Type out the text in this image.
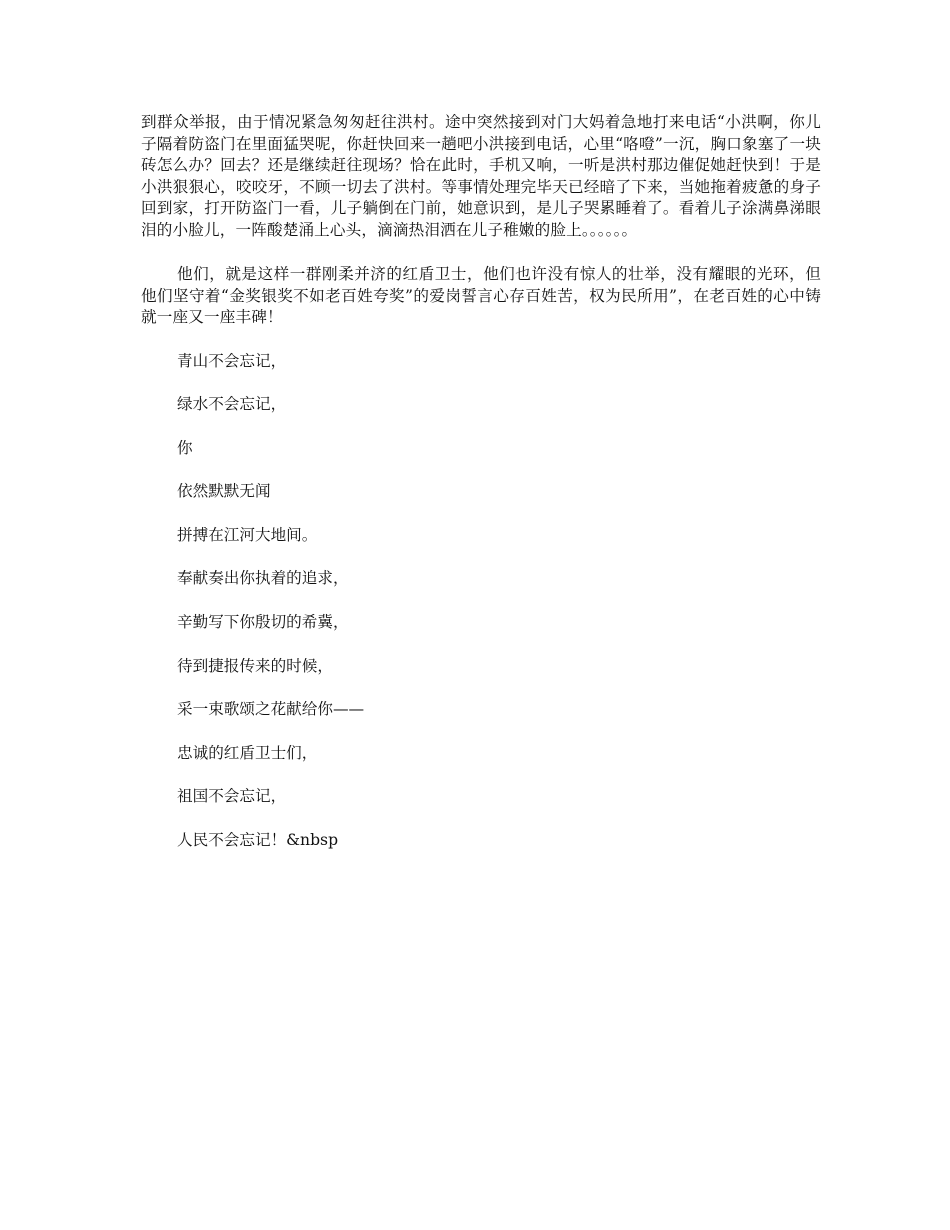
到群众举报，由于情况紧急匆匆赶往洪村。途中突然接到对门大妈着急地打来电话“小洪啊，你儿子隔着防盗门在里面猛哭呢，你赶快回来一趟吧小洪接到电话，心里“咯噔”一沉，胸口象塞了一块砖怎么办？回去？还是继续赶往现场？恰在此时，手机又响，一听是洪村那边催促她赶快到！于是小洪狠狠心，咬咬牙，不顾一切去了洪村。等事情处理完毕天已经暗了下来，当她拖着疲惫的身子回到家，打开防盗门一看，儿子躺倒在门前，她意识到，是儿子哭累睡着了。看着儿子涂满鼻涕眼泪的小脸儿，一阵酸楚涌上心头，滴滴热泪洒在儿子稚嫩的脸上。。。。。。

他们，就是这样一群刚柔并济的红盾卫士，他们也许没有惊人的壮举，没有耀眼的光环，但他们坚守着“金奖银奖不如老百姓夸奖”的爱岗誓言心存百姓苦，权为民所用”，在老百姓的心中铸就一座又一座丰碑！

青山不会忘记，
绿水不会忘记，
你
依然默默无闻
拼搏在江河大地间。
奉献奏出你执着的追求，
辛勤写下你殷切的希冀，
待到捷报传来的时候，
采一束歌颂之花献给你——
忠诚的红盾卫士们，
祖国不会忘记，
人民不会忘记！&nbsp
